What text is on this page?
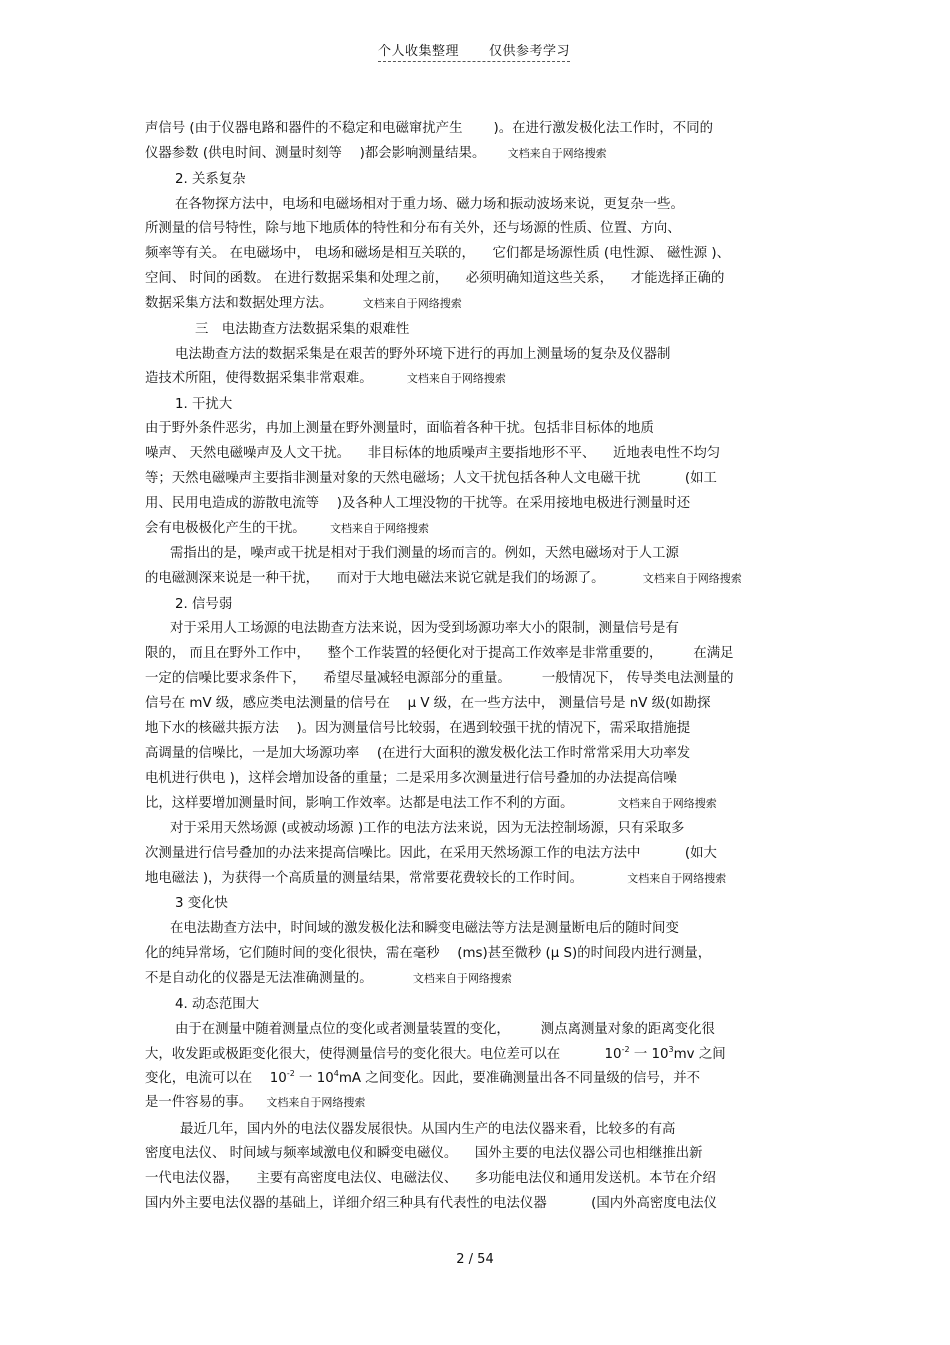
个人收集整理 仅供参考学习
声信号 (由于仪器电路和器件的不稳定和电磁窜扰产生 　　)。在进行激发极化法工作时，不同的
仪器参数 (供电时间、测量时刻等 　)都会影响测量结果。 文档来自于网络搜索
2. 关系复杂
在各物探方法中，电场和电磁场相对于重力场、磁力场和振动波场来说，更复杂一些。
所测量的信号特性，除与地下地质体的特性和分布有关外，还与场源的性质、位置、方向、
频率等有关。 在电磁场中， 电场和磁场是相互关联的， 　它们都是场源性质 (电性源、 磁性源 )、
空间、 时间的函数。 在进行数据采集和处理之前， 　必须明确知道这些关系， 　才能选择正确的
数据采集方法和数据处理方法。 文档来自于网络搜索
三　电法勘查方法数据采集的艰难性
电法勘查方法的数据采集是在艰苦的野外环境下进行的再加上测量场的复杂及仪器制
造技术所阻，使得数据采集非常艰难。	文档来自于网络搜索
1. 干扰大
由于野外条件恶劣，冉加上测量在野外测量时，面临着各种干扰。包括非目标体的地质
噪声、 天然电磁噪声及人文干扰。 　非目标体的地质噪声主要指地形不平、 　近地表电性不均匀
等；天然电磁噪声主要指非测量对象的天然电磁场；人文干扰包括各种人文电磁干扰 　　　(如工
用、民用电造成的游散电流等 　)及各种人工埋没物的干扰等。在采用接地电极进行测量时还
会有电极极化产生的干扰。 文档来自于网络搜索
需指出的是，噪声或干扰是相对于我们测量的场而言的。例如，天然电磁场对于人工源
的电磁测深来说是一种干扰， 　而对于大地电磁法来说它就是我们的场源了。	文档来自于网络搜索
2. 信号弱
对于采用人工场源的电法勘查方法来说，因为受到场源功率大小的限制，测量信号是有
限的， 而且在野外工作中， 　整个工作装置的轻便化对于提高工作效率是非常重要的， 　　在满足
一定的信噪比要求条件下， 　希望尽量减轻电源部分的重量。 　　一般情况下， 传导类电法测量的
信号在 mV 级，感应类电法测量的信号在 　μ V 级，在一些方法中， 测量信号是 nV 级(如勘探
地下水的核磁共振方法 　)。因为测量信号比较弱，在遇到较强干扰的情况下，需采取措施提
高调量的信噪比，一是加大场源功率 　(在进行大面积的激发极化法工作时常常采用大功率发
电机进行供电 )，这样会增加设备的重量；二是采用多次测量进行信号叠加的办法提高信噪
比，这样要增加测量时间，影响工作效率。达都是电法工作不利的方面。	文档来自于网络搜索
对于采用天然场源 (或被动场源 )工作的电法方法来说，因为无法控制场源，只有采取多
次测量进行信号叠加的办法来提高信噪比。因此，在采用天然场源工作的电法方法中 　　　(如大
地电磁法 )，为获得一个高质量的测量结果，常常要花费较长的工作时间。	文档来自于网络搜索
3 变化快
在电法勘查方法中，时间域的激发极化法和瞬变电磁法等方法是测量断电后的随时间变
化的纯异常场，它们随时间的变化很快，需在毫秒 　(ms)甚至微秒 (μ S)的时间段内进行测量，
不是自动化的仪器是无法准确测量的。	文档来自于网络搜索
4. 动态范围大
由于在测量中随着测量点位的变化或者测量装置的变化， 　　测点离测量对象的距离变化很
大，收发距或极距变化很大，使得测量信号的变化很大。电位差可以在 　　　$10^{-2}$ 一 $10^3mv$ 之间
变化，电流可以在 　$10^{-2}$ 一 $10^4mA$ 之间变化。因此，要准确测量出各不同量级的信号，并不
是一件容易的事。 文档来自于网络搜索
最近几年，国内外的电法仪器发展很快。从国内生产的电法仪器来看，比较多的有高
密度电法仪、 时间域与频率域激电仪和瞬变电磁仪。 　国外主要的电法仪器公司也相继推出新
一代电法仪器， 　主要有高密度电法仪、电磁法仪、 　多功能电法仪和通用发送机。本节在介绍
国内外主要电法仪器的基础上，详细介绍三种具有代表性的电法仪器 　　　(国内外高密度电法仪
2 / 54
